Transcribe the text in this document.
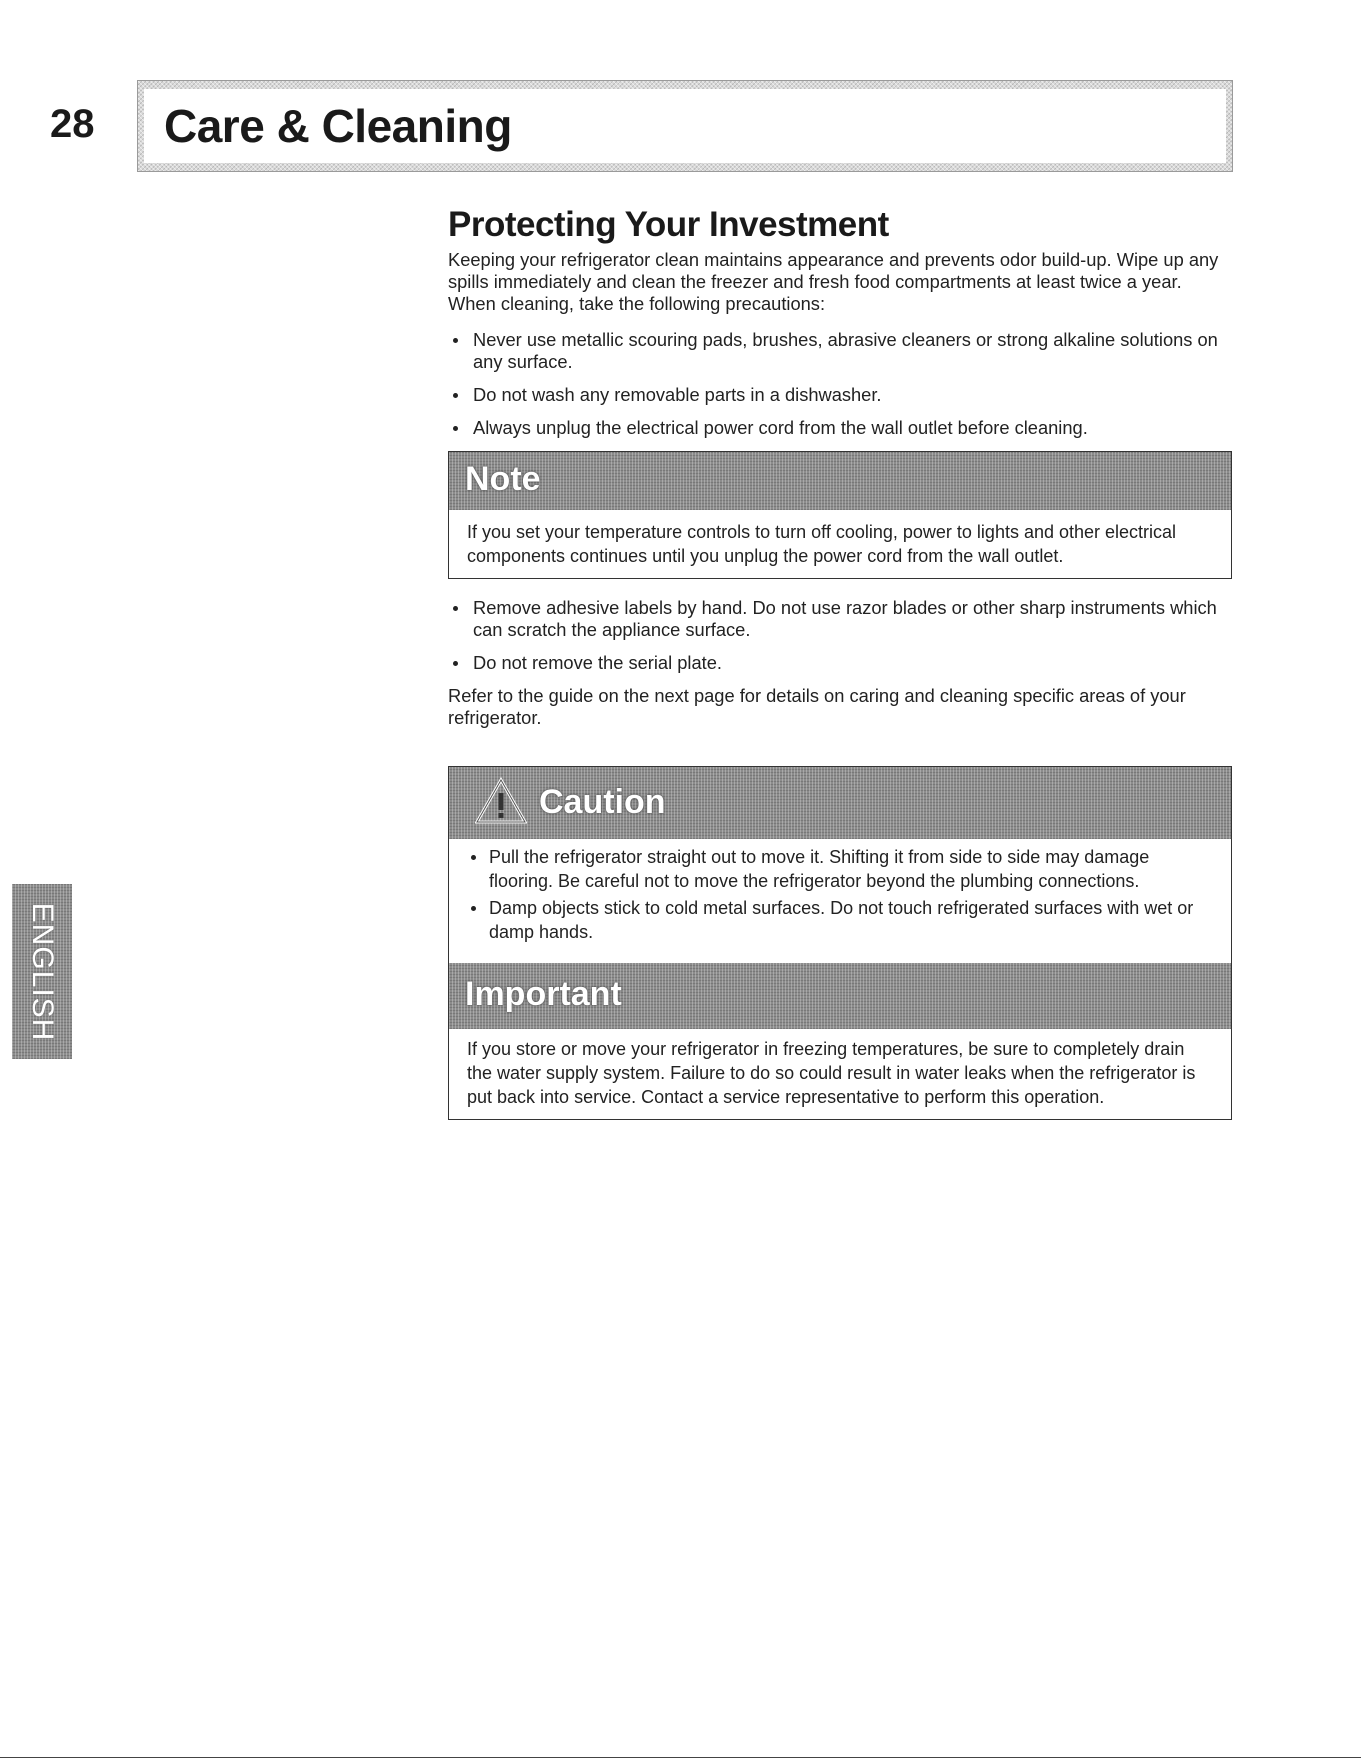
28 Care & Cleaning
ENGLISH
Protecting Your Investment

Keeping your refrigerator clean maintains appearance and prevents odor build-up. Wipe up any spills immediately and clean the freezer and fresh food compartments at least twice a year. When cleaning, take the following precautions:

Never use metallic scouring pads, brushes, abrasive cleaners or strong alkaline solutions on any surface.
Do not wash any removable parts in a dishwasher.
Always unplug the electrical power cord from the wall outlet before cleaning.
Note
If you set your temperature controls to turn off cooling, power to lights and other electrical components continues until you unplug the power cord from the wall outlet.
Remove adhesive labels by hand. Do not use razor blades or other sharp instruments which can scratch the appliance surface.
Do not remove the serial plate.

Refer to the guide on the next page for details on caring and cleaning specific areas of your refrigerator.

Caution
Pull the refrigerator straight out to move it. Shifting it from side to side may damage flooring. Be careful not to move the refrigerator beyond the plumbing connections.
Damp objects stick to cold metal surfaces. Do not touch refrigerated surfaces with wet or damp hands.
Important
If you store or move your refrigerator in freezing temperatures, be sure to completely drain the water supply system. Failure to do so could result in water leaks when the refrigerator is put back into service. Contact a service representative to perform this operation.
